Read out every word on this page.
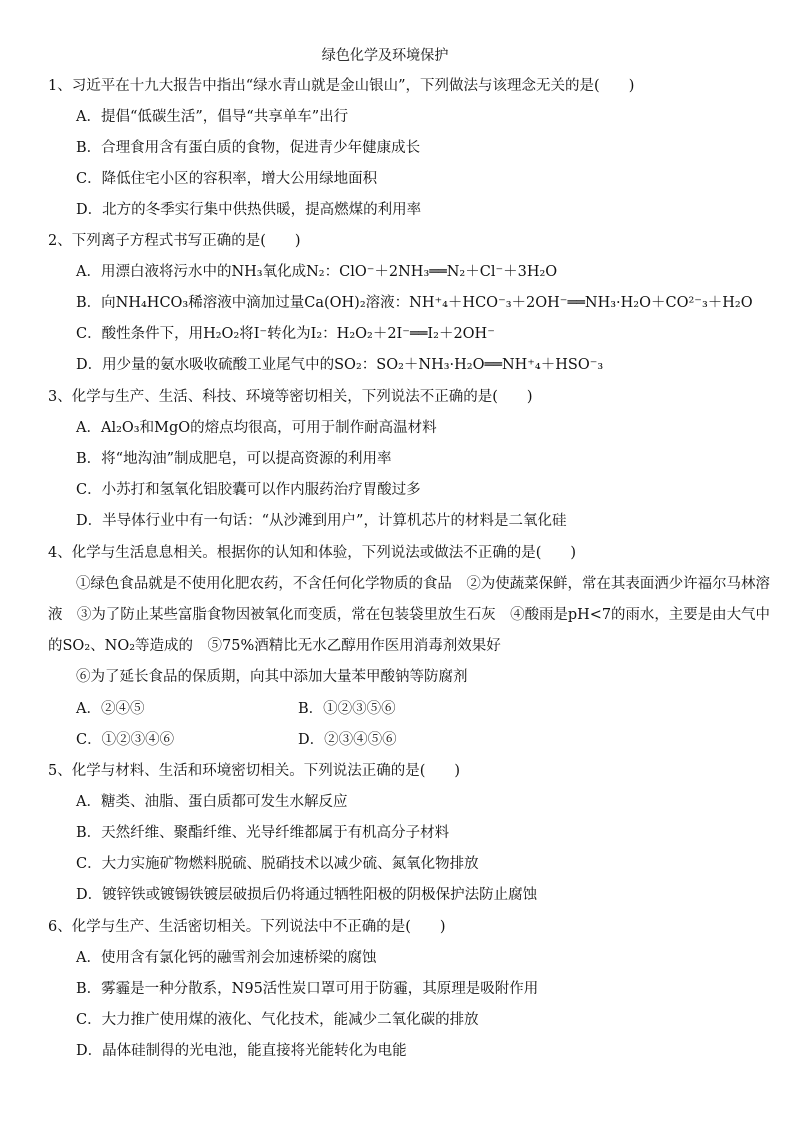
绿色化学及环境保护
1、习近平在十九大报告中指出“绿水青山就是金山银山”，下列做法与该理念无关的是(　　)
A．提倡“低碳生活”，倡导“共享单车”出行
B．合理食用含有蛋白质的食物，促进青少年健康成长
C．降低住宅小区的容积率，增大公用绿地面积
D．北方的冬季实行集中供热供暖，提高燃煤的利用率
2、下列离子方程式书写正确的是(　　)
A．用漂白液将污水中的NH₃氧化成N₂：ClO⁻＋2NH₃══N₂＋Cl⁻＋3H₂O
B．向NH₄HCO₃稀溶液中滴加过量Ca(OH)₂溶液：NH⁺₄＋HCO⁻₃＋2OH⁻══NH₃·H₂O＋CO²⁻₃＋H₂O
C．酸性条件下，用H₂O₂将I⁻转化为I₂：H₂O₂＋2I⁻══I₂＋2OH⁻
D．用少量的氨水吸收硫酸工业尾气中的SO₂：SO₂＋NH₃·H₂O══NH⁺₄＋HSO⁻₃
3、化学与生产、生活、科技、环境等密切相关，下列说法不正确的是(　　)
A．Al₂O₃和MgO的熔点均很高，可用于制作耐高温材料
B．将“地沟油”制成肥皂，可以提高资源的利用率
C．小苏打和氢氧化铝胶囊可以作内服药治疗胃酸过多
D．半导体行业中有一句话：“从沙滩到用户”，计算机芯片的材料是二氧化硅
4、化学与生活息息相关。根据你的认知和体验，下列说法或做法不正确的是(　　)
①绿色食品就是不使用化肥农药，不含任何化学物质的食品　②为使蔬菜保鲜，常在其表面洒少许福尔马林溶
液　③为了防止某些富脂食物因被氧化而变质，常在包装袋里放生石灰　④酸雨是pH<7的雨水，主要是由大气中
的SO₂、NO₂等造成的　⑤75%酒精比无水乙醇用作医用消毒剂效果好
⑥为了延长食品的保质期，向其中添加大量苯甲酸钠等防腐剂
A．②④⑤	B．①②③⑤⑥
C．①②③④⑥	D．②③④⑤⑥
5、化学与材料、生活和环境密切相关。下列说法正确的是(　　)
A．糖类、油脂、蛋白质都可发生水解反应
B．天然纤维、聚酯纤维、光导纤维都属于有机高分子材料
C．大力实施矿物燃料脱硫、脱硝技术以减少硫、氮氧化物排放
D．镀锌铁或镀锡铁镀层破损后仍将通过牺牲阳极的阴极保护法防止腐蚀
6、化学与生产、生活密切相关。下列说法中不正确的是(　　)
A．使用含有氯化钙的融雪剂会加速桥梁的腐蚀
B．雾霾是一种分散系，N95活性炭口罩可用于防霾，其原理是吸附作用
C．大力推广使用煤的液化、气化技术，能减少二氧化碳的排放
D．晶体硅制得的光电池，能直接将光能转化为电能
